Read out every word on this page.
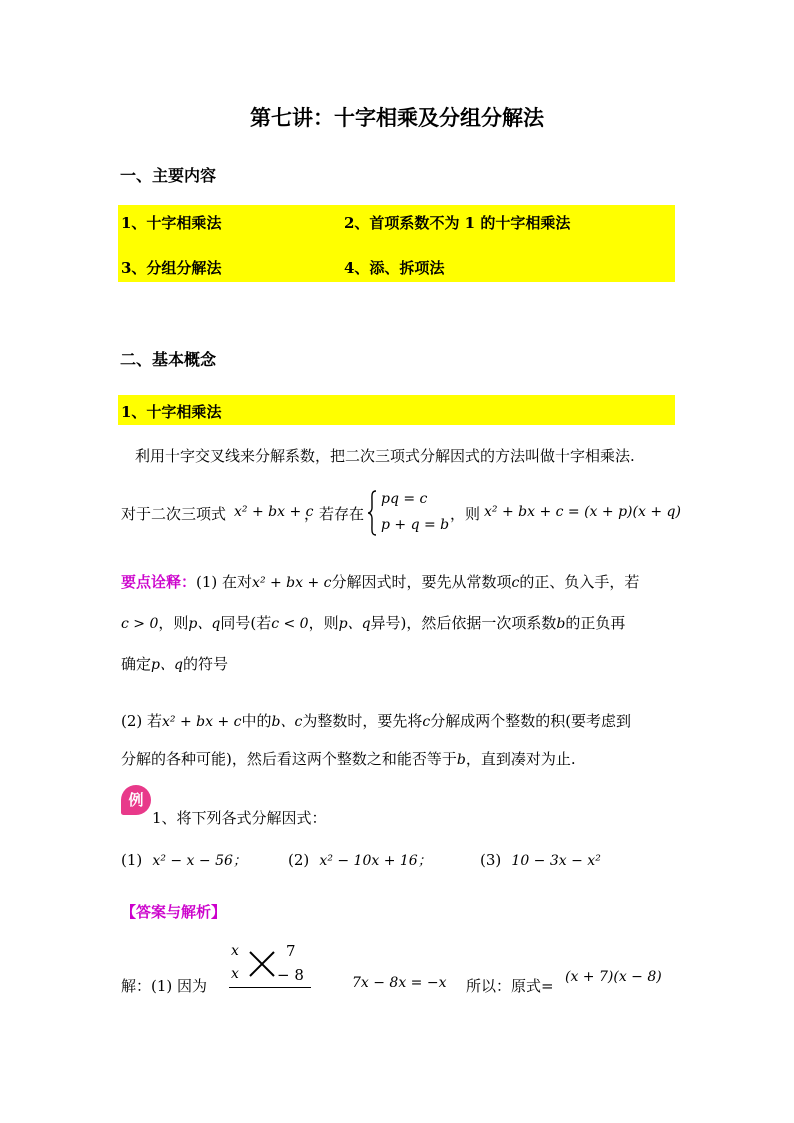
第七讲：十字相乘及分组分解法
一、主要内容
1、十字相乘法	2、首项系数不为 1 的十字相乘法
3、分组分解法	4、添、拆项法
二、基本概念
1、十字相乘法
利用十字交叉线来分解系数，把二次三项式分解因式的方法叫做十字相乘法.
对于二次三项式 x² + bx + c
，若存在
pq = c
p + q = b
，则 x² + bx + c = (x + p)(x + q)
要点诠释：(1) 在对x² + bx + c分解因式时，要先从常数项c的正、负入手，若
c > 0，则p、q同号(若c < 0，则p、q异号)，然后依据一次项系数b的正负再
确定p、q的符号
(2) 若x² + bx + c中的b、c为整数时，要先将c分解成两个整数的积(要考虑到
分解的各种可能)，然后看这两个整数之和能否等于b，直到凑对为止.
例
1、将下列各式分解因式：
(1) x² − x − 56；	(2) x² − 10x + 16；	(3) 10 − 3x − x²
【答案与解析】
解：(1) 因为
x
x
7
− 8	7x − 8x = −x 所以：原式= (x + 7)(x − 8)
